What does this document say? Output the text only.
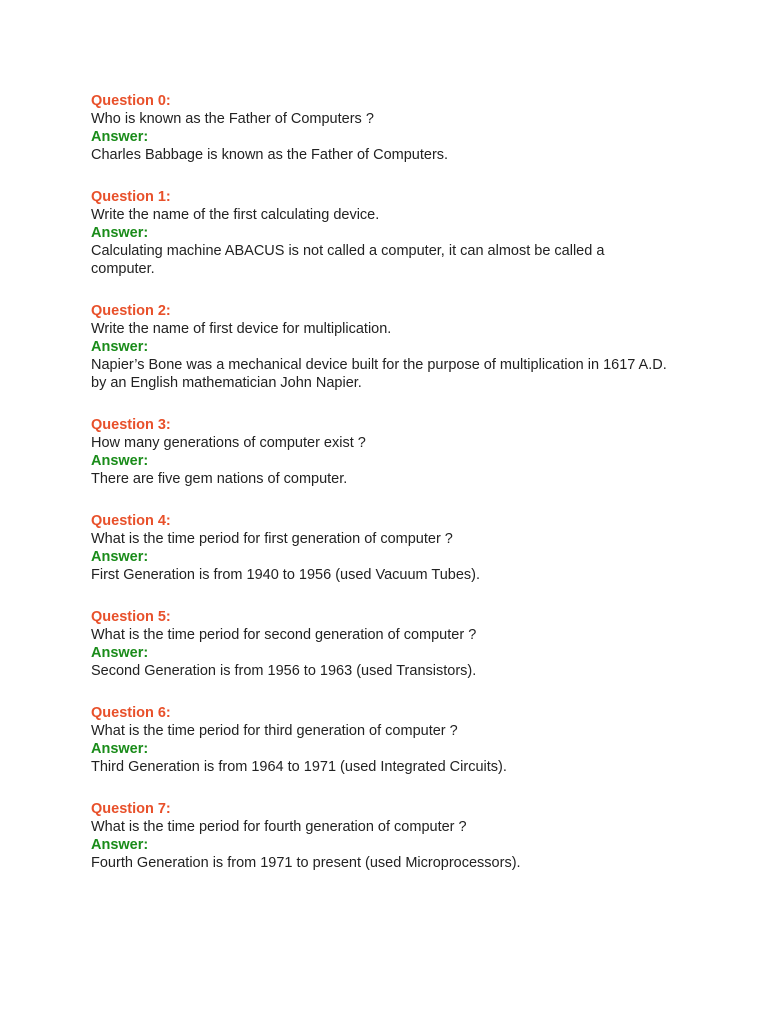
Question 0:
Who is known as the Father of Computers ?
Answer:
Charles Babbage is known as the Father of Computers.
Question 1:
Write the name of the first calculating device.
Answer:
Calculating machine ABACUS is not called a computer, it can almost be called a computer.
Question 2:
Write the name of first device for multiplication.
Answer:
Napier’s Bone was a mechanical device built for the purpose of multiplication in 1617 A.D. by an English mathematician John Napier.
Question 3:
How many generations of computer exist ?
Answer:
There are five gem nations of computer.
Question 4:
What is the time period for first generation of computer ?
Answer:
First Generation is from 1940 to 1956 (used Vacuum Tubes).
Question 5:
What is the time period for second generation of computer ?
Answer:
Second Generation is from 1956 to 1963 (used Transistors).
Question 6:
What is the time period for third generation of computer ?
Answer:
Third Generation is from 1964 to 1971 (used Integrated Circuits).
Question 7:
What is the time period for fourth generation of computer ?
Answer:
Fourth Generation is from 1971 to present (used Microprocessors).
